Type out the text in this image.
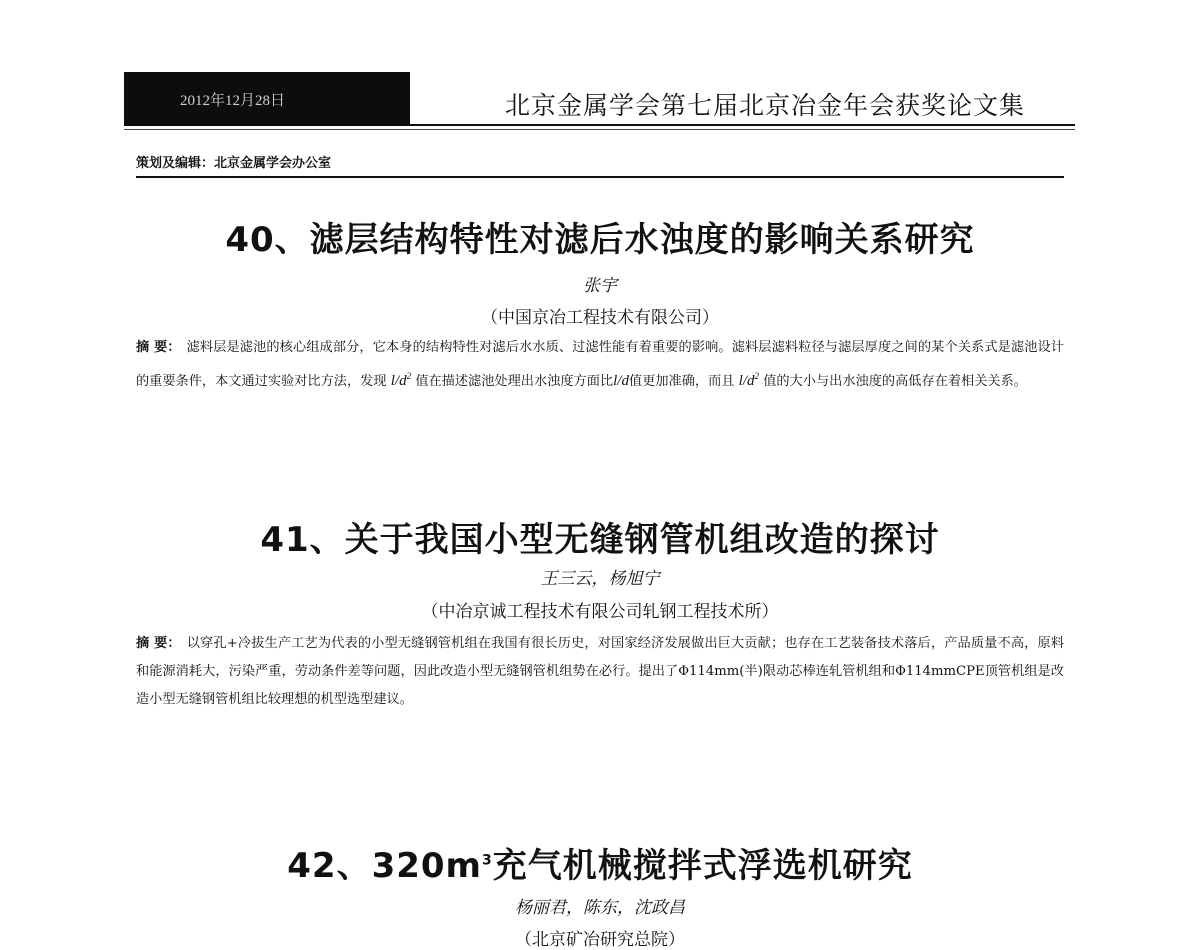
2012年12月28日	北京金属学会第七届北京冶金年会获奖论文集
策划及编辑：北京金属学会办公室
40、滤层结构特性对滤后水浊度的影响关系研究
张宇
（中国京冶工程技术有限公司）
摘 要： 滤料层是滤池的核心组成部分，它本身的结构特性对滤后水水质、过滤性能有着重要的影响。滤料层滤料粒径与滤层厚度之间的某个关系式是滤池设计的重要条件，本文通过实验对比方法，发现 $l/d^2$ 值在描述滤池处理出水浊度方面比l/d值更加准确，而且 $l/d^2$ 值的大小与出水浊度的高低存在着相关关系。
41、关于我国小型无缝钢管机组改造的探讨
王三云，杨旭宁
（中冶京诚工程技术有限公司轧钢工程技术所）
摘 要： 以穿孔+冷拔生产工艺为代表的小型无缝钢管机组在我国有很长历史，对国家经济发展做出巨大贡献；也存在工艺装备技术落后，产品质量不高，原料和能源消耗大，污染严重，劳动条件差等问题，因此改造小型无缝钢管机组势在必行。提出了Φ114mm(半)限动芯棒连轧管机组和Φ114mmCPE顶管机组是改造小型无缝钢管机组比较理想的机型选型建议。
42、$320m^3$充气机械搅拌式浮选机研究
杨丽君，陈东，沈政昌
（北京矿冶研究总院）
